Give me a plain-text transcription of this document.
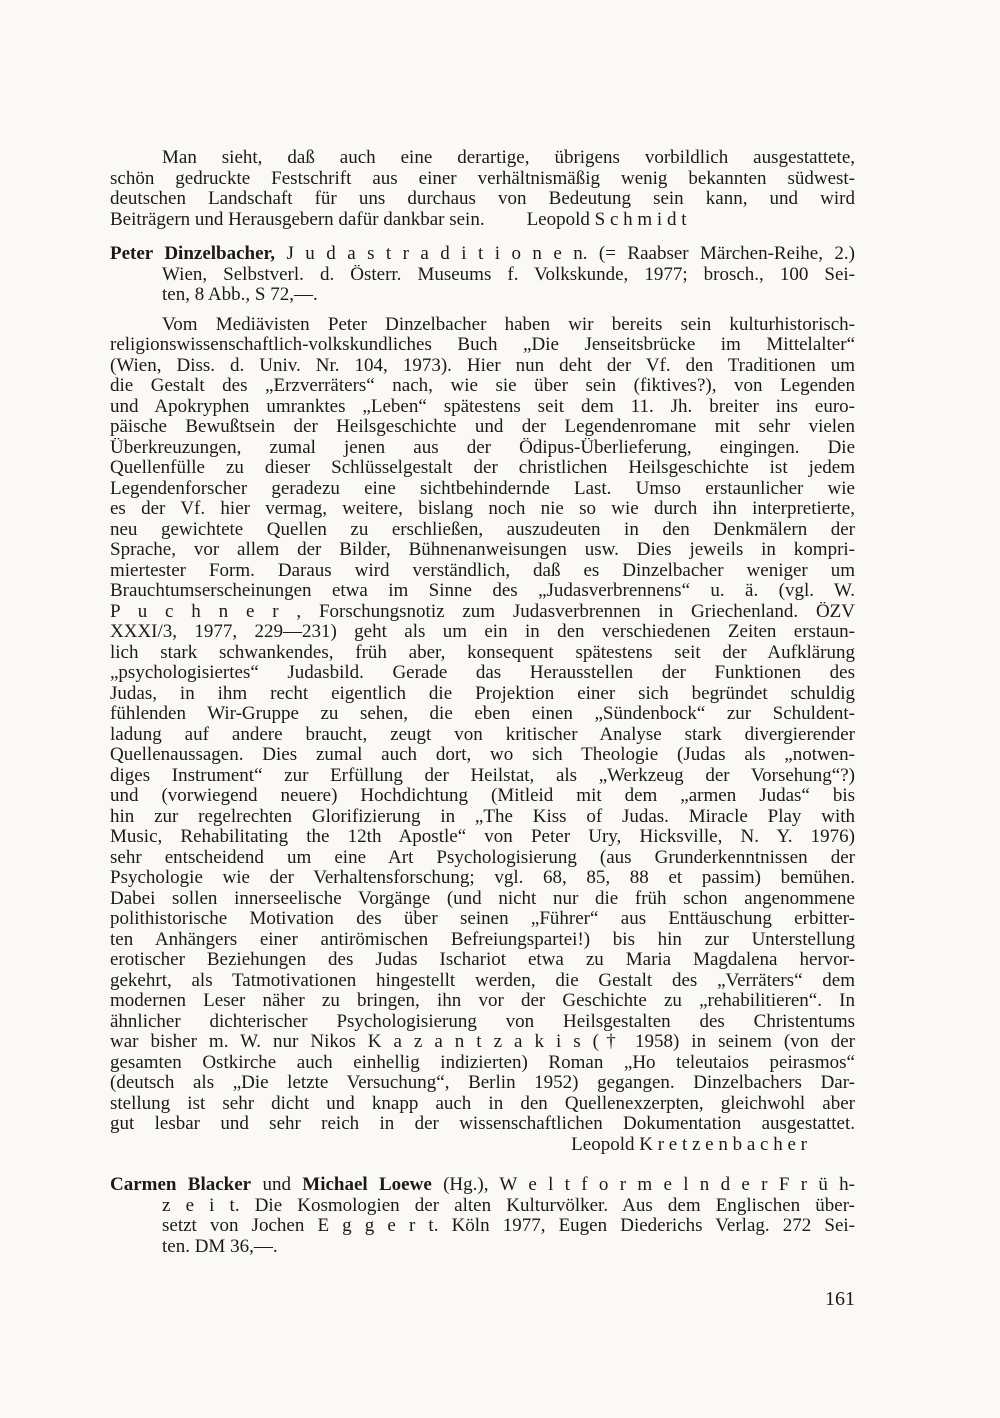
Man sieht, daß auch eine derartige, übrigens vorbildlich ausgestattete,
schön gedruckte Festschrift aus einer verhältnismäßig wenig bekannten südwest-
deutschen Landschaft für uns durchaus von Bedeutung sein kann, und wird
Beiträgern und Herausgebern dafür dankbar sein. Leopold S c h m i d t
Peter Dinzelbacher, J u d a s t r a d i t i o n e n. (= Raabser Märchen-Reihe, 2.)
Wien, Selbstverl. d. Österr. Museums f. Volkskunde, 1977; brosch., 100 Sei-
ten, 8 Abb., S 72,—.
Vom Mediävisten Peter Dinzelbacher haben wir bereits sein kulturhistorisch-
religionswissenschaftlich-volkskundliches Buch „Die Jenseitsbrücke im Mittelalter“
(Wien, Diss. d. Univ. Nr. 104, 1973). Hier nun deht der Vf. den Traditionen um
die Gestalt des „Erzverräters“ nach, wie sie über sein (fiktives?), von Legenden
und Apokryphen umranktes „Leben“ spätestens seit dem 11. Jh. breiter ins euro-
päische Bewußtsein der Heilsgeschichte und der Legendenromane mit sehr vielen
Überkreuzungen, zumal jenen aus der Ödipus-Überlieferung, eingingen. Die
Quellenfülle zu dieser Schlüsselgestalt der christlichen Heilsgeschichte ist jedem
Legendenforscher geradezu eine sichtbehindernde Last. Umso erstaunlicher wie
es der Vf. hier vermag, weitere, bislang noch nie so wie durch ihn interpretierte,
neu gewichtete Quellen zu erschließen, auszudeuten in den Denkmälern der
Sprache, vor allem der Bilder, Bühnenanweisungen usw. Dies jeweils in kompri-
miertester Form. Daraus wird verständlich, daß es Dinzelbacher weniger um
Brauchtumserscheinungen etwa im Sinne des „Judasverbrennens“ u. ä. (vgl. W.
P u c h n e r , Forschungsnotiz zum Judasverbrennen in Griechenland. ÖZV
XXXI/3, 1977, 229—231) geht als um ein in den verschiedenen Zeiten erstaun-
lich stark schwankendes, früh aber, konsequent spätestens seit der Aufklärung
„psychologisiertes“ Judasbild. Gerade das Herausstellen der Funktionen des
Judas, in ihm recht eigentlich die Projektion einer sich begründet schuldig
fühlenden Wir-Gruppe zu sehen, die eben einen „Sündenbock“ zur Schuldent-
ladung auf andere braucht, zeugt von kritischer Analyse stark divergierender
Quellenaussagen. Dies zumal auch dort, wo sich Theologie (Judas als „notwen-
diges Instrument“ zur Erfüllung der Heilstat, als „Werkzeug der Vorsehung“?)
und (vorwiegend neuere) Hochdichtung (Mitleid mit dem „armen Judas“ bis
hin zur regelrechten Glorifizierung in „The Kiss of Judas. Miracle Play with
Music, Rehabilitating the 12th Apostle“ von Peter Ury, Hicksville, N. Y. 1976)
sehr entscheidend um eine Art Psychologisierung (aus Grunderkenntnissen der
Psychologie wie der Verhaltensforschung; vgl. 68, 85, 88 et passim) bemühen.
Dabei sollen innerseelische Vorgänge (und nicht nur die früh schon angenommene
polithistorische Motivation des über seinen „Führer“ aus Enttäuschung erbitter-
ten Anhängers einer antirömischen Befreiungspartei!) bis hin zur Unterstellung
erotischer Beziehungen des Judas Ischariot etwa zu Maria Magdalena hervor-
gekehrt, als Tatmotivationen hingestellt werden, die Gestalt des „Verräters“ dem
modernen Leser näher zu bringen, ihn vor der Geschichte zu „rehabilitieren“. In
ähnlicher dichterischer Psychologisierung von Heilsgestalten des Christentums
war bisher m. W. nur Nikos K a z a n t z a k i s († 1958) in seinem (von der
gesamten Ostkirche auch einhellig indizierten) Roman „Ho teleutaios peirasmos“
(deutsch als „Die letzte Versuchung“, Berlin 1952) gegangen. Dinzelbachers Dar-
stellung ist sehr dicht und knapp auch in den Quellenexzerpten, gleichwohl aber
gut lesbar und sehr reich in der wissenschaftlichen Dokumentation ausgestattet.
Leopold K r e t z e n b a c h e r
Carmen Blacker und Michael Loewe (Hg.), W e l t f o r m e l n d e r F r ü h-
z e i t. Die Kosmologien der alten Kulturvölker. Aus dem Englischen über-
setzt von Jochen E g g e r t. Köln 1977, Eugen Diederichs Verlag. 272 Sei-
ten. DM 36,—.
161
